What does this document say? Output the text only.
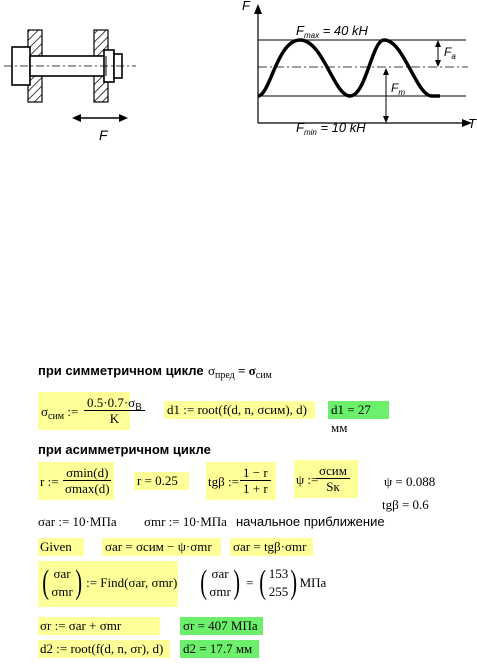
F
F
T
$F_{max} = 40$ kH
$F_{min} = 10$ kH
$F_a$
$F_m$
при симметричном цикле $\sigma_{пред} = \sigma_{сим}$
$\sigma_{сим}$ := $\frac{0.5\cdot 0.7\cdot\sigma_B}{K} d1$ := root(f(d, n, σсим), d)	d1 = 27 мм
при асимметричном цикле
r :=
σmin(d)
σmax(d)
r = 0.25	tgβ := $\frac{1 - r}{1 + r}$ ψ :=
σсим
Sк	ψ = 0.088
tgβ = 0.6
σar := 10·MПa σmr := 10·MПa начальное приближение
Given	σar = σсим − ψ·σmr	σar = tgβ·σmr
( σar
σmr ) := Find(σar, σmr) ( σar
σmr ) = ( 153
255 ) MПa
σr := σar + σmr	σr = 407 MПa
d2 := root(f(d, n, σr), d)	d2 = 17.7 мм
